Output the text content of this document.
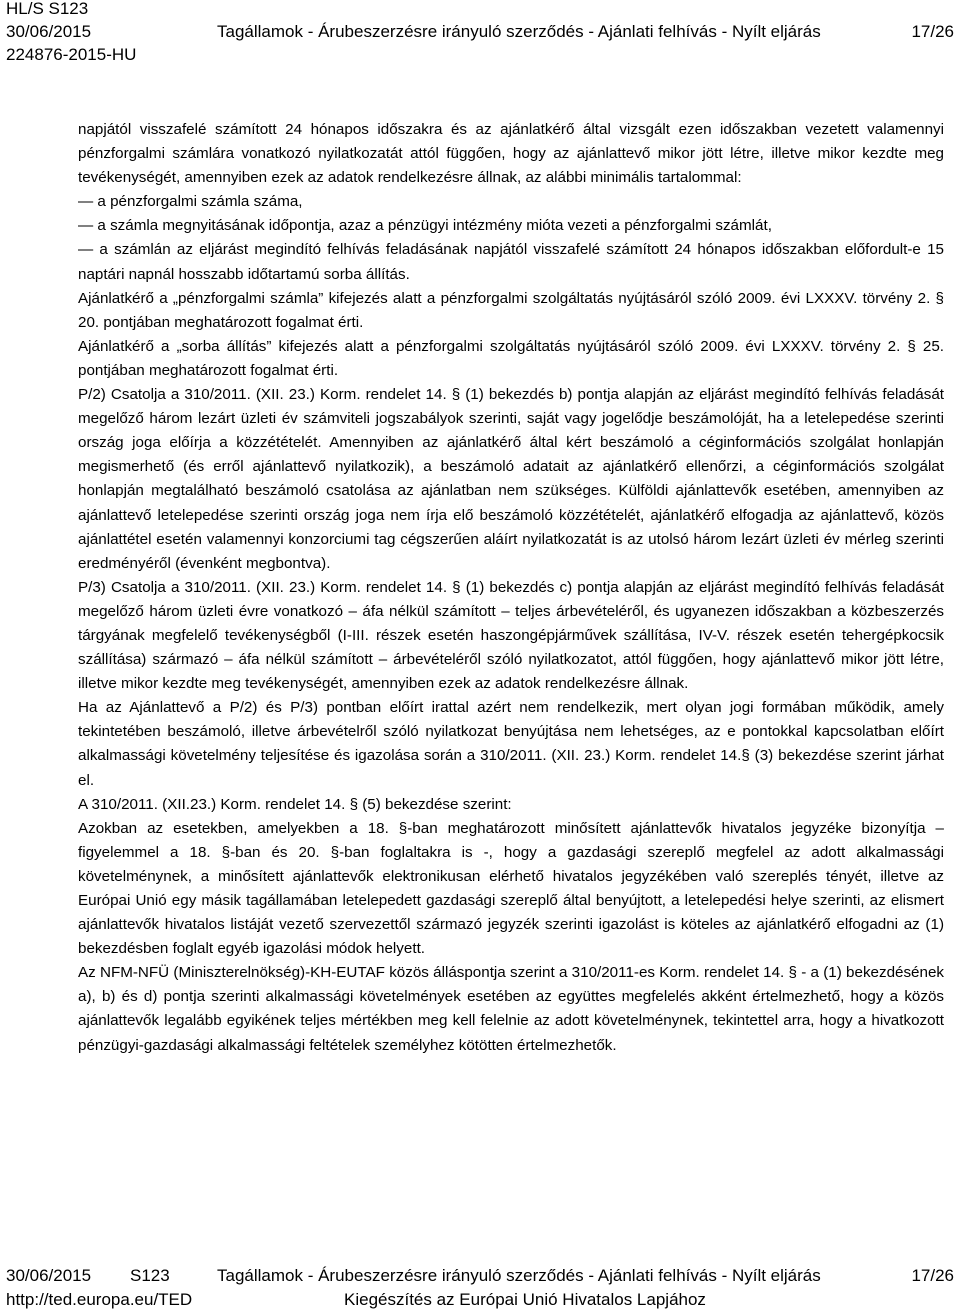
HL/S S123
30/06/2015	Tagállamok - Árubeszerzésre irányuló szerződés - Ajánlati felhívás - Nyílt eljárás	17/26
224876-2015-HU

napjától visszafelé számított 24 hónapos időszakra és az ajánlatkérő által vizsgált ezen időszakban vezetett valamennyi pénzforgalmi számlára vonatkozó nyilatkozatát attól függően, hogy az ajánlattevő mikor jött létre, illetve mikor kezdte meg tevékenységét, amennyiben ezek az adatok rendelkezésre állnak, az alábbi minimális tartalommal:

— a pénzforgalmi számla száma,

— a számla megnyitásának időpontja, azaz a pénzügyi intézmény mióta vezeti a pénzforgalmi számlát,

— a számlán az eljárást megindító felhívás feladásának napjától visszafelé számított 24 hónapos időszakban előfordult-e 15 naptári napnál hosszabb időtartamú sorba állítás.

Ajánlatkérő a „pénzforgalmi számla” kifejezés alatt a pénzforgalmi szolgáltatás nyújtásáról szóló 2009. évi LXXXV. törvény 2. § 20. pontjában meghatározott fogalmat érti.

Ajánlatkérő a „sorba állítás” kifejezés alatt a pénzforgalmi szolgáltatás nyújtásáról szóló 2009. évi LXXXV. törvény 2. § 25. pontjában meghatározott fogalmat érti.

P/2) Csatolja a 310/2011. (XII. 23.) Korm. rendelet 14. § (1) bekezdés b) pontja alapján az eljárást megindító felhívás feladását megelőző három lezárt üzleti év számviteli jogszabályok szerinti, saját vagy jogelődje beszámolóját, ha a letelepedése szerinti ország joga előírja a közzétételét. Amennyiben az ajánlatkérő által kért beszámoló a céginformációs szolgálat honlapján megismerhető (és erről ajánlattevő nyilatkozik), a beszámoló adatait az ajánlatkérő ellenőrzi, a céginformációs szolgálat honlapján megtalálható beszámoló csatolása az ajánlatban nem szükséges. Külföldi ajánlattevők esetében, amennyiben az ajánlattevő letelepedése szerinti ország joga nem írja elő beszámoló közzétételét, ajánlatkérő elfogadja az ajánlattevő, közös ajánlattétel esetén valamennyi konzorciumi tag cégszerűen aláírt nyilatkozatát is az utolsó három lezárt üzleti év mérleg szerinti eredményéről (évenként megbontva).

P/3) Csatolja a 310/2011. (XII. 23.) Korm. rendelet 14. § (1) bekezdés c) pontja alapján az eljárást megindító felhívás feladását megelőző három üzleti évre vonatkozó – áfa nélkül számított – teljes árbevételéről, és ugyanezen időszakban a közbeszerzés tárgyának megfelelő tevékenységből (I-III. részek esetén haszongépjárművek szállítása, IV-V. részek esetén tehergépkocsik szállítása) származó – áfa nélkül számított – árbevételéről szóló nyilatkozatot, attól függően, hogy ajánlattevő mikor jött létre, illetve mikor kezdte meg tevékenységét, amennyiben ezek az adatok rendelkezésre állnak.

Ha az Ajánlattevő a P/2) és P/3) pontban előírt irattal azért nem rendelkezik, mert olyan jogi formában működik, amely tekintetében beszámoló, illetve árbevételről szóló nyilatkozat benyújtása nem lehetséges, az e pontokkal kapcsolatban előírt alkalmassági követelmény teljesítése és igazolása során a 310/2011. (XII. 23.) Korm. rendelet 14.§ (3) bekezdése szerint járhat el.

A 310/2011. (XII.23.) Korm. rendelet 14. § (5) bekezdése szerint:

Azokban az esetekben, amelyekben a 18. §-ban meghatározott minősített ajánlattevők hivatalos jegyzéke bizonyítja – figyelemmel a 18. §-ban és 20. §-ban foglaltakra is -, hogy a gazdasági szereplő megfelel az adott alkalmassági követelménynek, a minősített ajánlattevők elektronikusan elérhető hivatalos jegyzékében való szereplés tényét, illetve az Európai Unió egy másik tagállamában letelepedett gazdasági szereplő által benyújtott, a letelepedési helye szerinti, az elismert ajánlattevők hivatalos listáját vezető szervezettől származó jegyzék szerinti igazolást is köteles az ajánlatkérő elfogadni az (1) bekezdésben foglalt egyéb igazolási módok helyett.

Az NFM-NFÜ (Miniszterelnökség)-KH-EUTAF közös álláspontja szerint a 310/2011-es Korm. rendelet 14. § - a (1) bekezdésének a), b) és d) pontja szerinti alkalmassági követelmények esetében az együttes megfelelés akként értelmezhető, hogy a közös ajánlattevők legalább egyikének teljes mértékben meg kell felelnie az adott követelménynek, tekintettel arra, hogy a hivatkozott pénzügyi-gazdasági alkalmassági feltételek személyhez kötötten értelmezhetők.

30/06/2015 S123	Tagállamok - Árubeszerzésre irányuló szerződés - Ajánlati felhívás - Nyílt eljárás	17/26
http://ted.europa.eu/TED	Kiegészítés az Európai Unió Hivatalos Lapjához
